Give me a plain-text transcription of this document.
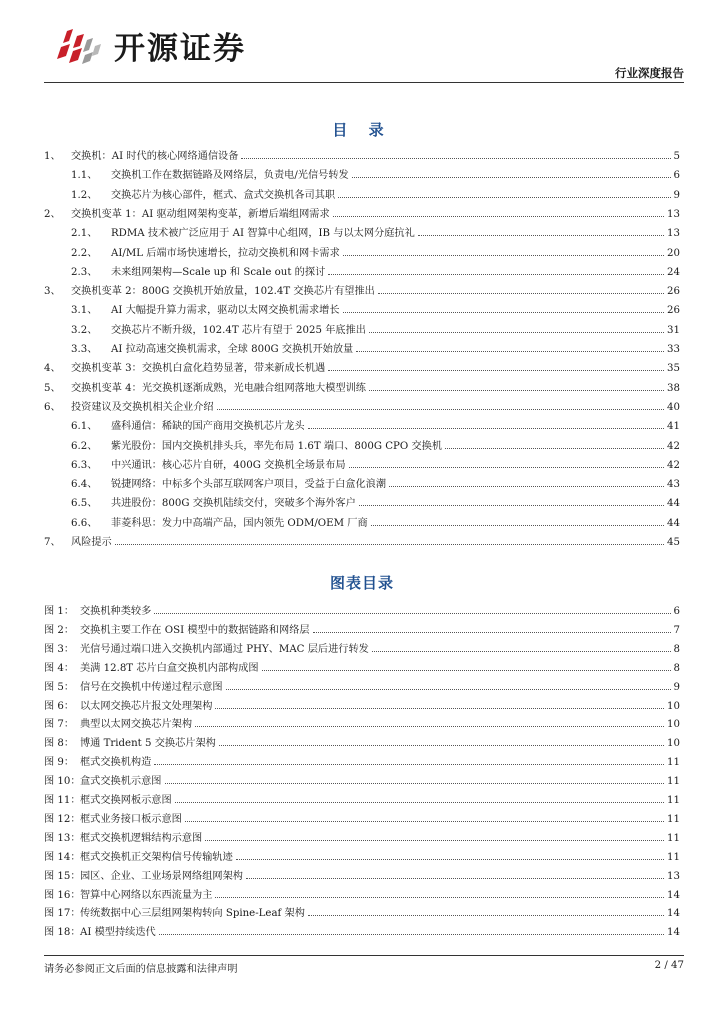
开源证券
行业深度报告
目 录
1、	交换机：AI 时代的核心网络通信设备	5
1.1、	交换机工作在数据链路及网络层，负责电/光信号转发	6
1.2、	交换芯片为核心部件，框式、盒式交换机各司其职	9
2、	交换机变革 1：AI 驱动组网架构变革，新增后端组网需求	13
2.1、	RDMA 技术被广泛应用于 AI 智算中心组网，IB 与以太网分庭抗礼	13
2.2、	AI/ML 后端市场快速增长，拉动交换机和网卡需求	20
2.3、	未来组网架构—Scale up 和 Scale out 的探讨	24
3、	交换机变革 2：800G 交换机开始放量，102.4T 交换芯片有望推出	26
3.1、	AI 大幅提升算力需求，驱动以太网交换机需求增长	26
3.2、	交换芯片不断升级，102.4T 芯片有望于 2025 年底推出	31
3.3、	AI 拉动高速交换机需求，全球 800G 交换机开始放量	33
4、	交换机变革 3：交换机白盒化趋势显著，带来新成长机遇	35
5、	交换机变革 4：光交换机逐渐成熟，光电融合组网落地大模型训练	38
6、	投资建议及交换机相关企业介绍	40
6.1、	盛科通信：稀缺的国产商用交换机芯片龙头	41
6.2、	紫光股份：国内交换机排头兵，率先布局 1.6T 端口、800G CPO 交换机	42
6.3、	中兴通讯：核心芯片自研，400G 交换机全场景布局	42
6.4、	锐捷网络：中标多个头部互联网客户项目，受益于白盒化浪潮	43
6.5、	共进股份：800G 交换机陆续交付，突破多个海外客户	44
6.6、	菲菱科思：发力中高端产品，国内领先 ODM/OEM 厂商	44
7、	风险提示	45
图表目录
图 1： 交换机种类较多	6
图 2： 交换机主要工作在 OSI 模型中的数据链路和网络层	7
图 3： 光信号通过端口进入交换机内部通过 PHY、MAC 层后进行转发	8
图 4： 美满 12.8T 芯片白盒交换机内部构成图	8
图 5： 信号在交换机中传递过程示意图	9
图 6： 以太网交换芯片报文处理架构	10
图 7： 典型以太网交换芯片架构	10
图 8： 博通 Trident 5 交换芯片架构	10
图 9： 框式交换机构造	11
图 10： 盒式交换机示意图	11
图 11： 框式交换网板示意图	11
图 12： 框式业务接口板示意图	11
图 13： 框式交换机逻辑结构示意图	11
图 14： 框式交换机正交架构信号传输轨迹	11
图 15： 园区、企业、工业场景网络组网架构	13
图 16： 智算中心网络以东西流量为主	14
图 17： 传统数据中心三层组网架构转向 Spine-Leaf 架构	14
图 18： AI 模型持续迭代	14
请务必参阅正文后面的信息披露和法律声明	2 / 47
